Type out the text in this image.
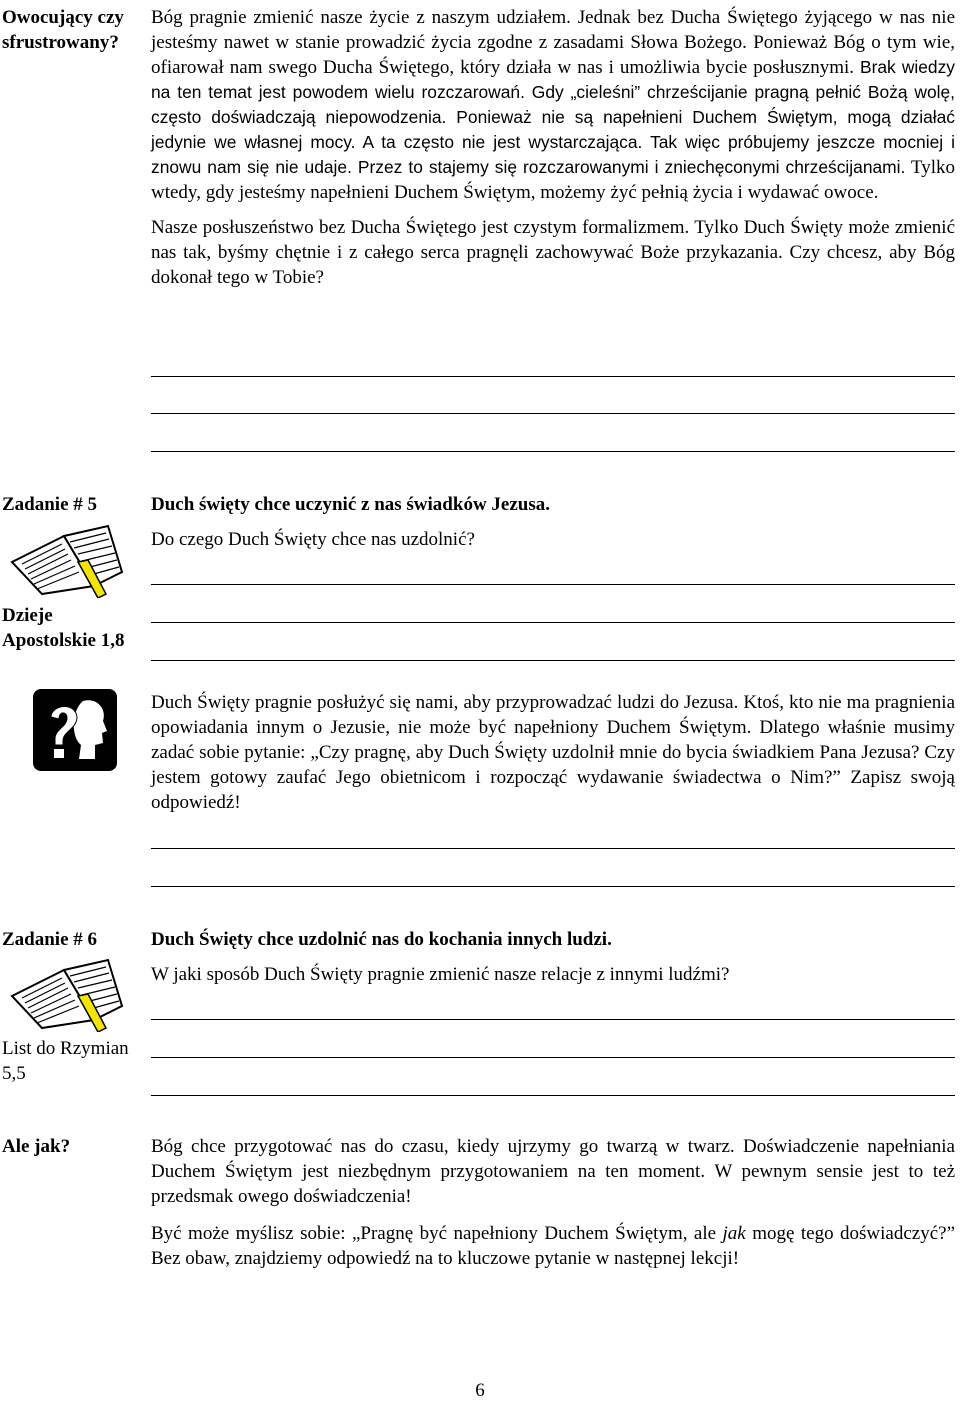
Owocujący czy sfrustrowany?

Bóg pragnie zmienić nasze życie z naszym udziałem. Jednak bez Ducha Świętego żyjącego w nas nie jesteśmy nawet w stanie prowadzić życia zgodne z zasadami Słowa Bożego. Ponieważ Bóg o tym wie, ofiarował nam swego Ducha Świętego, który działa w nas i umożliwia bycie posłusznymi. Brak wiedzy na ten temat jest powodem wielu rozczarowań. Gdy „cieleśni” chrześcijanie pragną pełnić Bożą wolę, często doświadczają niepowodzenia. Ponieważ nie są napełnieni Duchem Świętym, mogą działać jedynie we własnej mocy. A ta często nie jest wystarczająca. Tak więc próbujemy jeszcze mocniej i znowu nam się nie udaje. Przez to stajemy się rozczarowanymi i zniechęconymi chrześcijanami. Tylko wtedy, gdy jesteśmy napełnieni Duchem Świętym, możemy żyć pełnią życia i wydawać owoce.

Nasze posłuszeństwo bez Ducha Świętego jest czystym formalizmem. Tylko Duch Święty może zmienić nas tak, byśmy chętnie i z całego serca pragnęli zachowywać Boże przykazania. Czy chcesz, aby Bóg dokonał tego w Tobie?

Zadanie # 5
Dzieje Apostolskie 1,8

Duch święty chce uczynić z nas świadków Jezusa.

Do czego Duch Święty chce nas uzdolnić?

Duch Święty pragnie posłużyć się nami, aby przyprowadzać ludzi do Jezusa. Ktoś, kto nie ma pragnienia opowiadania innym o Jezusie, nie może być napełniony Duchem Świętym. Dlatego właśnie musimy zadać sobie pytanie: „Czy pragnę, aby Duch Święty uzdolnił mnie do bycia świadkiem Pana Jezusa? Czy jestem gotowy zaufać Jego obietnicom i rozpocząć wydawanie świadectwa o Nim?” Zapisz swoją odpowiedź!
Zadanie # 6
List do Rzymian 5,5

Duch Święty chce uzdolnić nas do kochania innych ludzi.

W jaki sposób Duch Święty pragnie zmienić nasze relacje z innymi ludźmi?

Ale jak?	Bóg chce przygotować nas do czasu, kiedy ujrzymy go twarzą w twarz. Doświadczenie napełniania Duchem Świętym jest niezbędnym przygotowaniem na ten moment. W pewnym sensie jest to też przedsmak owego doświadczenia!

Być może myślisz sobie: „Pragnę być napełniony Duchem Świętym, ale jak mogę tego doświadczyć?” Bez obaw, znajdziemy odpowiedź na to kluczowe pytanie w następnej lekcji!

6
